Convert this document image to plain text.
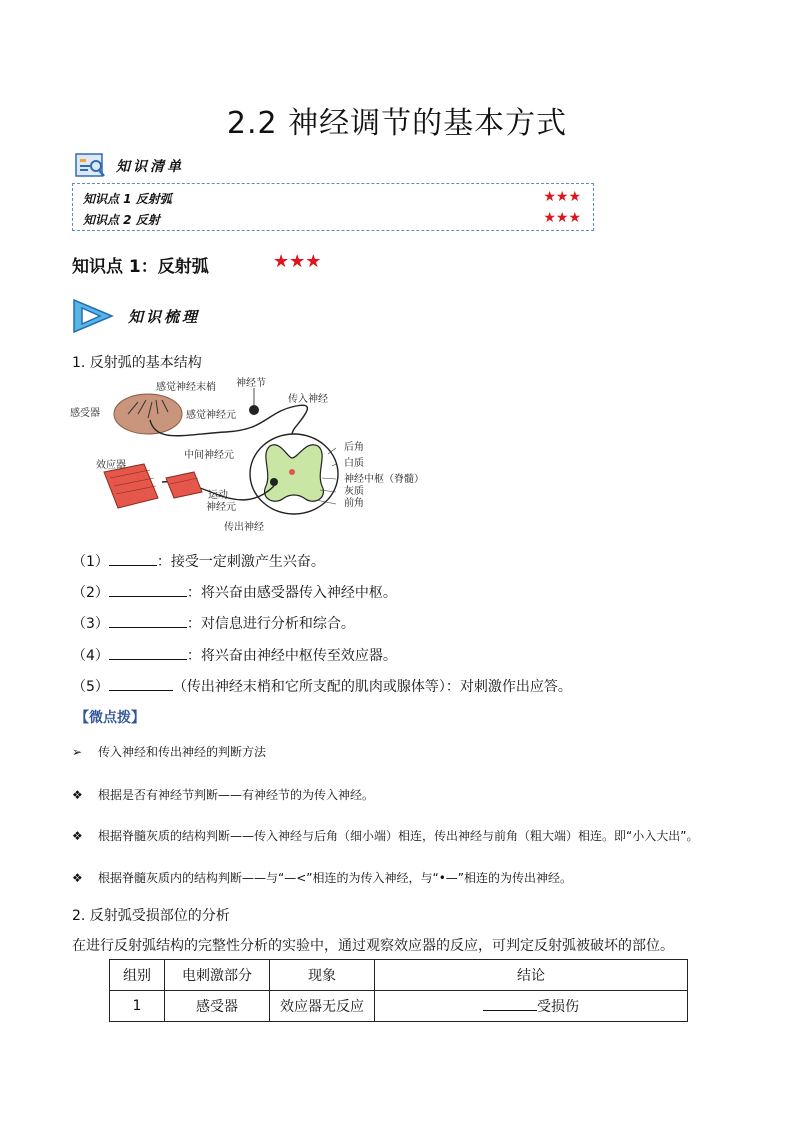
2.2 神经调节的基本方式
知识清单
知识点 1 反射弧	★★★
知识点 2 反射	★★★
知识点 1：反射弧	★★★
知识梳理
1. 反射弧的基本结构
感觉神经末梢 神经节
传入神经
感受器	感觉神经元
中间神经元
后角
白质
神经中枢（脊髓）
灰质
前角
效应器
运动
神经元
传出神经
（1）	：接受一定刺激产生兴奋。
（2）	：将兴奋由感受器传入神经中枢。
（3）	：对信息进行分析和综合。
（4）	：将兴奋由神经中枢传至效应器。
（5）	（传出神经末梢和它所支配的肌肉或腺体等）：对刺激作出应答。
【微点拨】
➢ 传入神经和传出神经的判断方法
❖ 根据是否有神经节判断——有神经节的为传入神经。
❖ 根据脊髓灰质的结构判断——传入神经与后角（细小端）相连，传出神经与前角（粗大端）相连。即“小入大出”。
❖ 根据脊髓灰质内的结构判断——与“—<”相连的为传入神经，与“•—”相连的为传出神经。
2. 反射弧受损部位的分析
在进行反射弧结构的完整性分析的实验中，通过观察效应器的反应，可判定反射弧被破坏的部位。
组别	电刺激部分	现象	结论
1	感受器	效应器无反应	受损伤
